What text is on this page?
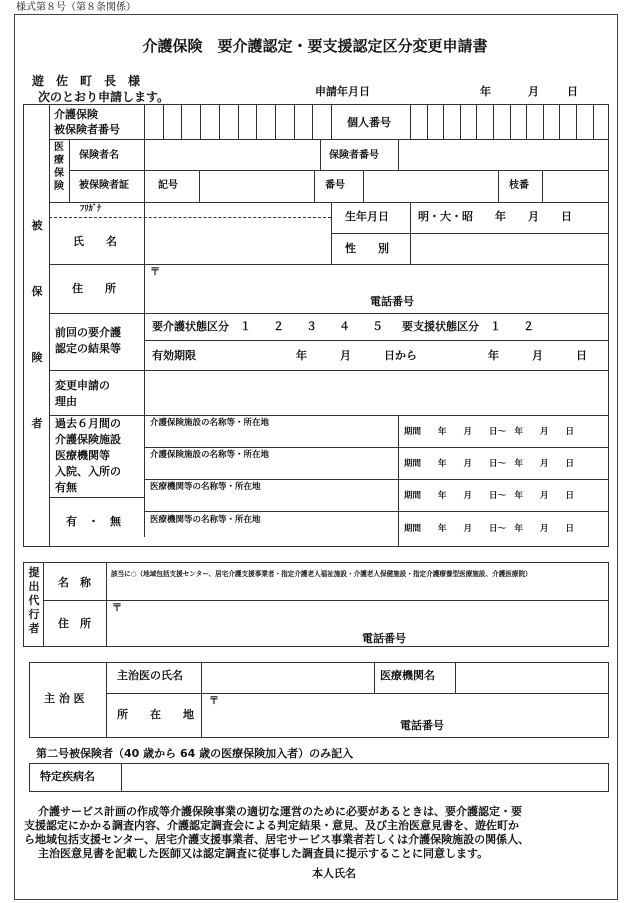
様式第８号（第８条関係）
介護保険　要介護認定・要支援認定区分変更申請書
遊　佐　町　長　様
次のとおり申請します。	申請年月日	年	月	日
被
保
険
者
介護保険
被保険者番号
個人番号
医
療
保
険
保険者名	保険者番号
被保険者証	記号	番号	枝番
ﾌﾘｶﾞﾅ
氏　　名
生年月日	明・大・昭　　年　　月　　日
性　　別
住　　所
〒
電話番号
前回の要介護
認定の結果等
要介護状態区分　１　　２　　３　　４　　５ 要支援状態区分　１　　２
有効期限	年　　　月　　　日から	年　　　月　　　日
変更申請の
理由
過去６月間の
介護保険施設
医療機関等
入院、入所の
有無
有　・　無
介護保険施設の名称等・所在地
期間　　年　　月　　日〜　年　　月　　日
介護保険施設の名称等・所在地
期間　　年　　月　　日〜　年　　月　　日
医療機関等の名称等・所在地
期間　　年　　月　　日〜　年　　月　　日
医療機関等の名称等・所在地
期間　　年　　月　　日〜　年　　月　　日
提
出
代
行
者
名　称
該当に○（地域包括支援センター、居宅介護支援事業者・指定介護老人福祉施設・介護老人保健施設・指定介護療養型医療施設、介護医療院）
住　所
〒
電話番号
主 治 医
主治医の氏名	医療機関名
所　　在　　地
〒
電話番号
第二号被保険者（40 歳から 64 歳の医療保険加入者）のみ記入
特定疾病名
介護サービス計画の作成等介護保険事業の適切な運営のために必要があるときは、要介護認定・要
支援認定にかかる調査内容、介護認定調査会による判定結果・意見、及び主治医意見書を、遊佐町か
ら地域包括支援センター、居宅介護支援事業者、居宅サービス事業者若しくは介護保険施設の関係人、
主治医意見書を記載した医師又は認定調査に従事した調査員に提示することに同意します。
本人氏名
